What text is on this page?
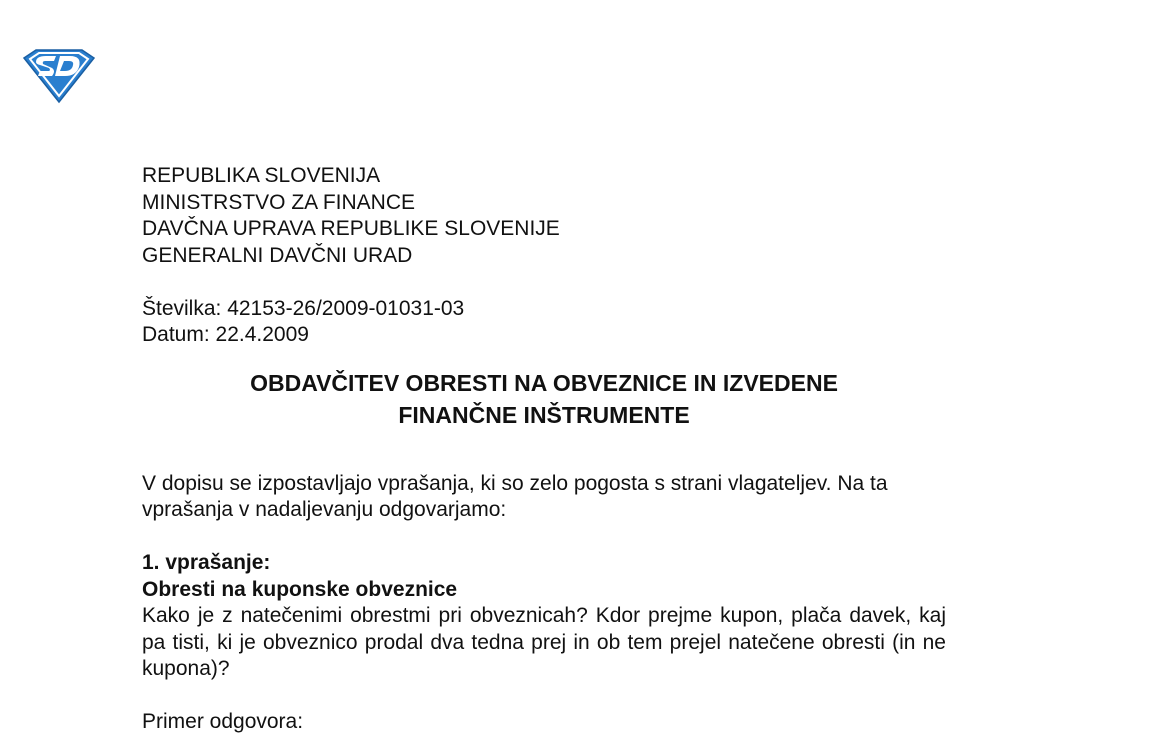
REPUBLIKA SLOVENIJA
MINISTRSTVO ZA FINANCE
DAVČNA UPRAVA REPUBLIKE SLOVENIJE
GENERALNI DAVČNI URAD
Številka: 42153-26/2009-01031-03
Datum: 22.4.2009
OBDAVČITEV OBRESTI NA OBVEZNICE IN IZVEDENE
FINANČNE INŠTRUMENTE
V dopisu se izpostavljajo vprašanja, ki so zelo pogosta s strani vlagateljev. Na ta vprašanja v nadaljevanju odgovarjamo:
1. vprašanje:
Obresti na kuponske obveznice
Kako je z natečenimi obrestmi pri obveznicah? Kdor prejme kupon, plača davek, kaj pa tisti, ki je obveznico prodal dva tedna prej in ob tem prejel natečene obresti (in ne kupona)?
Primer odgovora:
